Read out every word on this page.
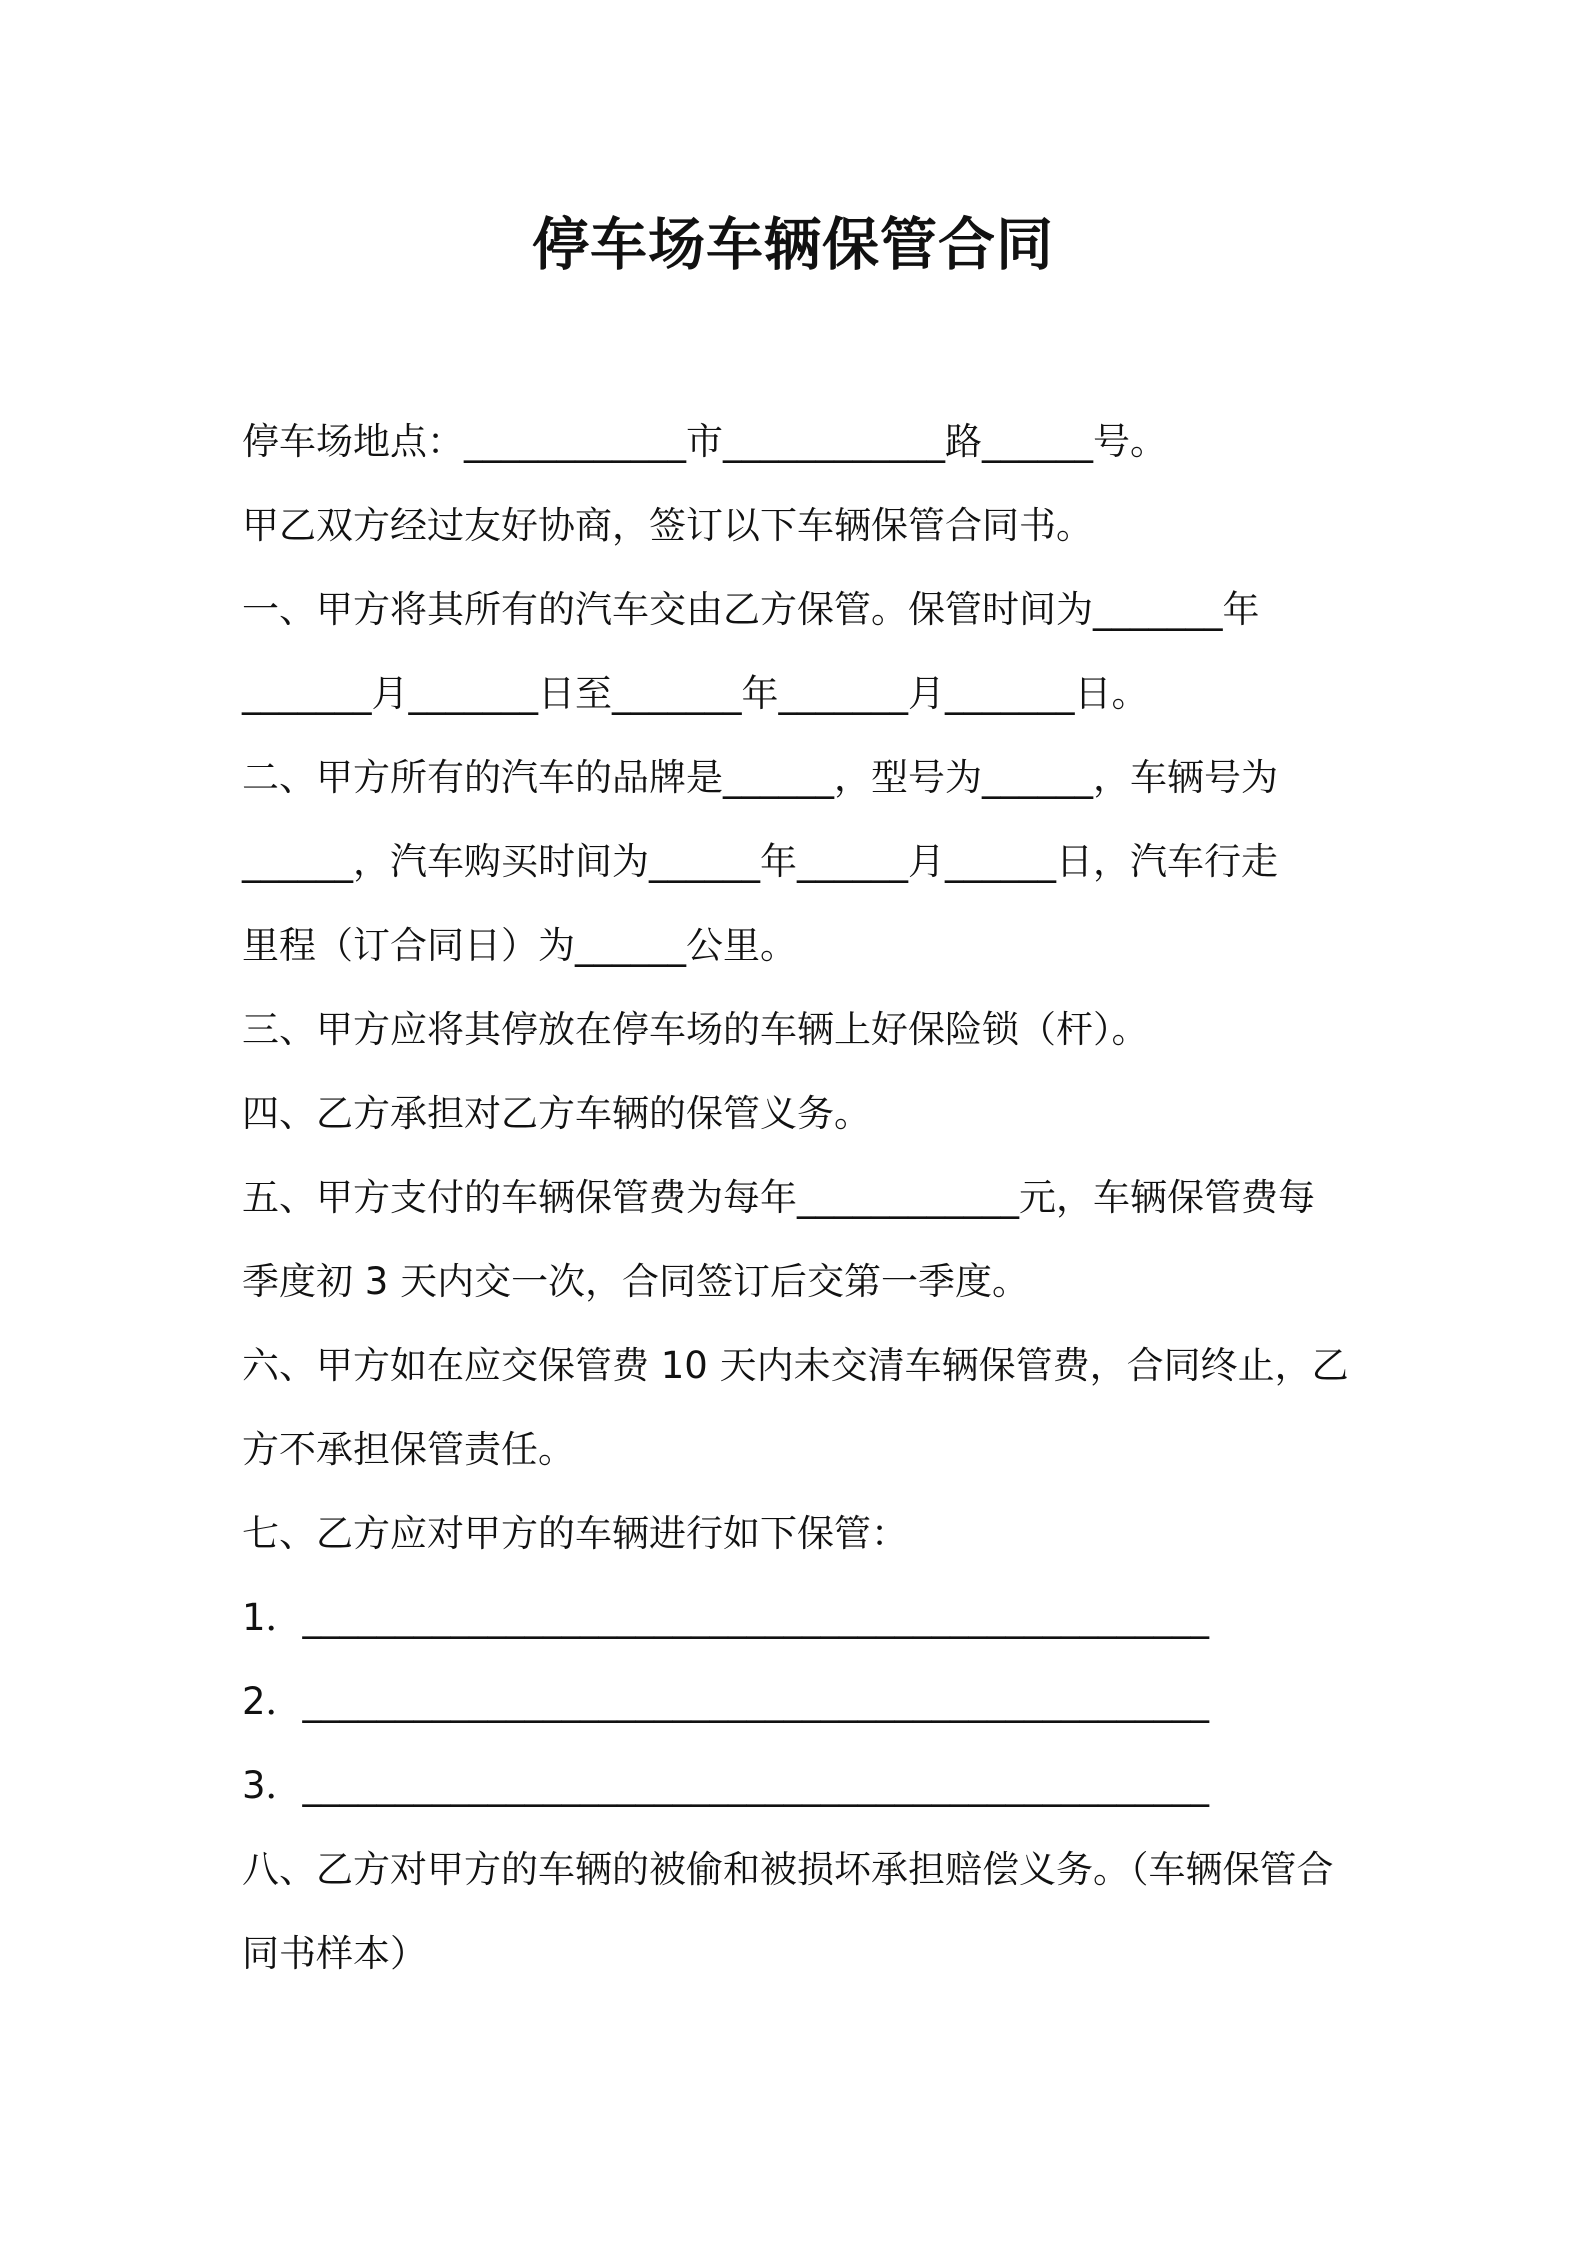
停车场车辆保管合同
停车场地点：____________市____________路______号。
甲乙双方经过友好协商，签订以下车辆保管合同书。
一、甲方将其所有的汽车交由乙方保管。保管时间为_______年
_______月_______日至_______年_______月_______日。
二、甲方所有的汽车的品牌是______，型号为______，车辆号为
______，汽车购买时间为______年______月______日，汽车行走
里程（订合同日）为______公里。
三、甲方应将其停放在停车场的车辆上好保险锁（杆）。
四、乙方承担对乙方车辆的保管义务。
五、甲方支付的车辆保管费为每年____________元，车辆保管费每
季度初 3 天内交一次，合同签订后交第一季度。
六、甲方如在应交保管费 10 天内未交清车辆保管费，合同终止，乙
方不承担保管责任。
七、乙方应对甲方的车辆进行如下保管：
1．_________________________________________________
2．_________________________________________________
3．_________________________________________________
八、乙方对甲方的车辆的被偷和被损坏承担赔偿义务。（车辆保管合
同书样本）
